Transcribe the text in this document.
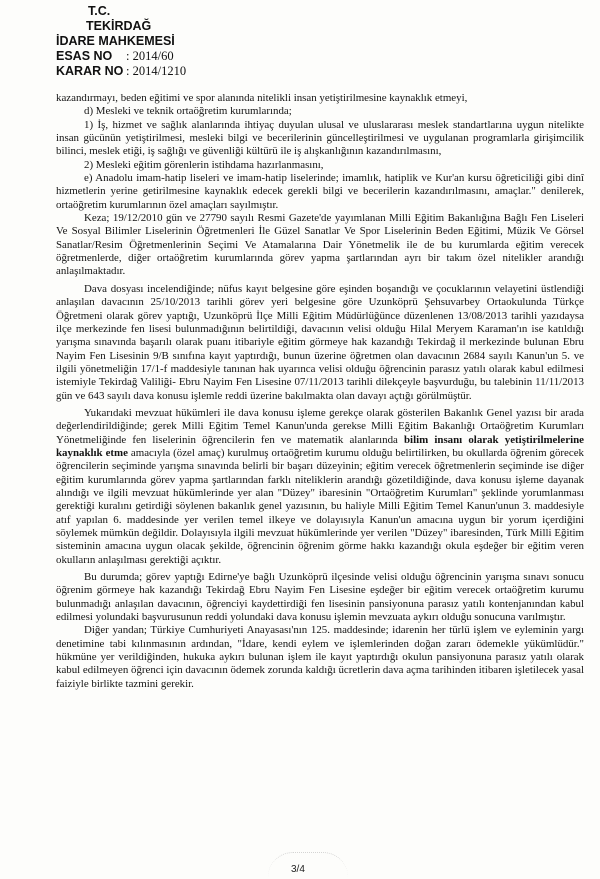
T.C.
TEKİRDAĞ
İDARE MAHKEMESİ
ESAS NO	: 2014/60
KARAR NO : 2014/1210

kazandırmayı, beden eğitimi ve spor alanında nitelikli insan yetiştirilmesine kaynaklık etmeyi,

d) Mesleki ve teknik ortaöğretim kurumlarında;

1) İş, hizmet ve sağlık alanlarında ihtiyaç duyulan ulusal ve uluslararası meslek standartlarına uygun nitelikte insan gücünün yetiştirilmesi, mesleki bilgi ve becerilerinin güncelleştirilmesi ve uygulanan programlarla girişimcilik bilinci, meslek etiği, iş sağlığı ve güvenliği kültürü ile iş alışkanlığının kazandırılmasını,

2) Mesleki eğitim görenlerin istihdama hazırlanmasını,

e) Anadolu imam-hatip liseleri ve imam-hatip liselerinde; imamlık, hatiplik ve Kur'an kursu öğreticiliği gibi dinî hizmetlerin yerine getirilmesine kaynaklık edecek gerekli bilgi ve becerilerin kazandırılmasını, amaçlar." denilerek, ortaöğretim kurumlarının özel amaçları sayılmıştır.

Keza; 19/12/2010 gün ve 27790 sayılı Resmi Gazete'de yayımlanan Milli Eğitim Bakanlığına Bağlı Fen Liseleri Ve Sosyal Bilimler Liselerinin Öğretmenleri İle Güzel Sanatlar Ve Spor Liselerinin Beden Eğitimi, Müzik Ve Görsel Sanatlar/Resim Öğretmenlerinin Seçimi Ve Atamalarına Dair Yönetmelik ile de bu kurumlarda eğitim verecek öğretmenlerde, diğer ortaöğretim kurumlarında görev yapma şartlarından ayrı bir takım özel nitelikler arandığı anlaşılmaktadır.

Dava dosyası incelendiğinde; nüfus kayıt belgesine göre eşinden boşandığı ve çocuklarının velayetini üstlendiği anlaşılan davacının 25/10/2013 tarihli görev yeri belgesine göre Uzunköprü Şehsuvarbey Ortaokulunda Türkçe Öğretmeni olarak görev yaptığı, Uzunköprü İlçe Milli Eğitim Müdürlüğünce düzenlenen 13/08/2013 tarihli yazıdaysa ilçe merkezinde fen lisesi bulunmadığının belirtildiği, davacının velisi olduğu Hilal Meryem Karaman'ın ise katıldığı yarışma sınavında başarılı olarak puanı itibariyle eğitim görmeye hak kazandığı Tekirdağ il merkezinde bulunan Ebru Nayim Fen Lisesinin 9/B sınıfına kayıt yaptırdığı, bunun üzerine öğretmen olan davacının 2684 sayılı Kanun'un 5. ve ilgili yönetmeliğin 17/1-f maddesiyle tanınan hak uyarınca velisi olduğu öğrencinin parasız yatılı olarak kabul edilmesi istemiyle Tekirdağ Valiliği- Ebru Nayim Fen Lisesine 07/11/2013 tarihli dilekçeyle başvurduğu, bu talebinin 11/11/2013 gün ve 643 sayılı dava konusu işlemle reddi üzerine bakılmakta olan davayı açtığı görülmüştür.

Yukarıdaki mevzuat hükümleri ile dava konusu işleme gerekçe olarak gösterilen Bakanlık Genel yazısı bir arada değerlendirildiğinde; gerek Milli Eğitim Temel Kanun'unda gerekse Milli Eğitim Bakanlığı Ortaöğretim Kurumları Yönetmeliğinde fen liselerinin öğrencilerin fen ve matematik alanlarında bilim insanı olarak yetiştirilmelerine kaynaklık etme amacıyla (özel amaç) kurulmuş ortaöğretim kurumu olduğu belirtilirken, bu okullarda öğrenim görecek öğrencilerin seçiminde yarışma sınavında belirli bir başarı düzeyinin; eğitim verecek öğretmenlerin seçiminde ise diğer eğitim kurumlarında görev yapma şartlarından farklı niteliklerin arandığı gözetildiğinde, dava konusu işleme dayanak alındığı ve ilgili mevzuat hükümlerinde yer alan "Düzey" ibaresinin "Ortaöğretim Kurumları" şeklinde yorumlanması gerektiği kuralını getirdiği söylenen bakanlık genel yazısının, bu haliyle Milli Eğitim Temel Kanun'unun 3. maddesiyle atıf yapılan 6. maddesinde yer verilen temel ilkeye ve dolayısıyla Kanun'un amacına uygun bir yorum içerdiğini söylemek mümkün değildir. Dolayısıyla ilgili mevzuat hükümlerinde yer verilen "Düzey" ibaresinden, Türk Milli Eğitim sisteminin amacına uygun olacak şekilde, öğrencinin öğrenim görme hakkı kazandığı okula eşdeğer bir eğitim veren okulların anlaşılması gerektiği açıktır.

Bu durumda; görev yaptığı Edirne'ye bağlı Uzunköprü ilçesinde velisi olduğu öğrencinin yarışma sınavı sonucu öğrenim görmeye hak kazandığı Tekirdağ Ebru Nayim Fen Lisesine eşdeğer bir eğitim verecek ortaöğretim kurumu bulunmadığı anlaşılan davacının, öğrenciyi kaydettirdiği fen lisesinin pansiyonuna parasız yatılı kontenjanından kabul edilmesi yolundaki başvurusunun reddi yolundaki dava konusu işlemin mevzuata aykırı olduğu sonucuna varılmıştır.

Diğer yandan; Türkiye Cumhuriyeti Anayasası'nın 125. maddesinde; idarenin her türlü işlem ve eyleminin yargı denetimine tabi kılınmasının ardından, "İdare, kendi eylem ve işlemlerinden doğan zararı ödemekle yükümlüdür." hükmüne yer verildiğinden, hukuka aykırı bulunan işlem ile kayıt yaptırdığı okulun pansiyonuna parasız yatılı olarak kabul edilmeyen öğrenci için davacının ödemek zorunda kaldığı ücretlerin dava açma tarihinden itibaren işletilecek yasal faiziyle birlikte tazmini gerekir.

3/4
